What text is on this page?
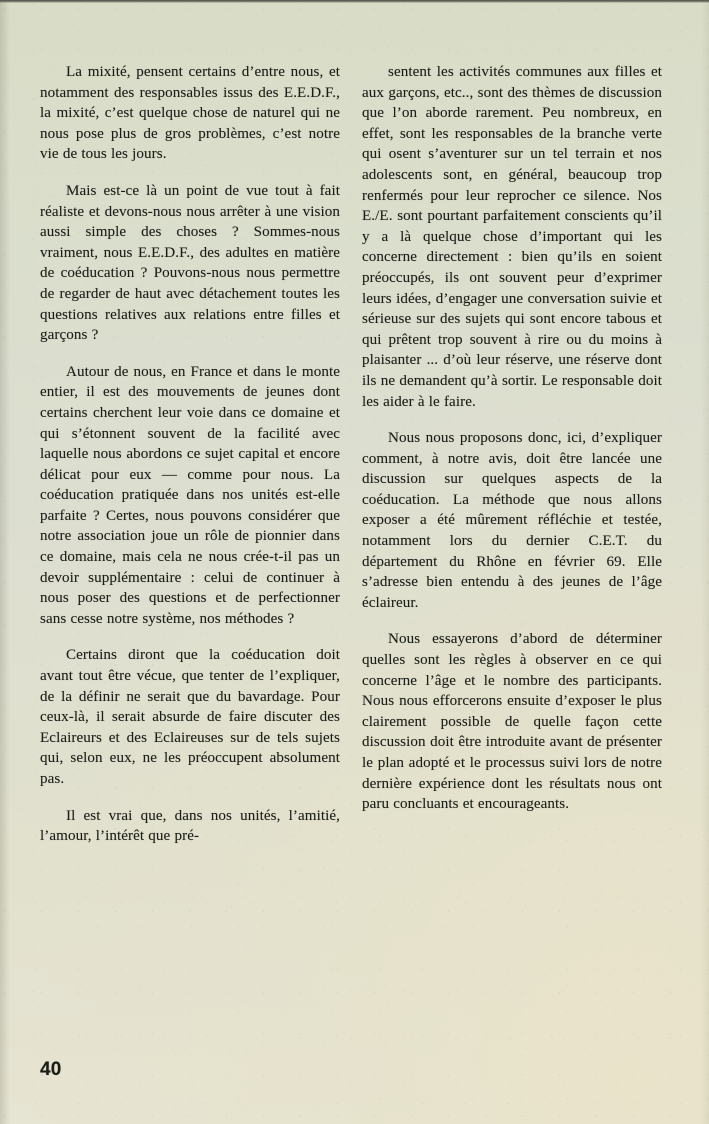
La mixité, pensent certains d’entre nous, et notamment des responsables issus des E.E.D.F., la mixité, c’est quelque chose de naturel qui ne nous pose plus de gros problèmes, c’est notre vie de tous les jours.

Mais est-ce là un point de vue tout à fait réaliste et devons-nous nous arrêter à une vision aussi simple des choses ? Sommes-nous vraiment, nous E.E.D.F., des adultes en matière de coéducation ? Pouvons-nous nous permettre de regarder de haut avec détachement toutes les questions relatives aux relations entre filles et garçons ?

Autour de nous, en France et dans le monte entier, il est des mouvements de jeunes dont certains cherchent leur voie dans ce domaine et qui s’étonnent souvent de la facilité avec laquelle nous abordons ce sujet capital et encore délicat pour eux — comme pour nous. La coéducation pratiquée dans nos unités est-elle parfaite ? Certes, nous pouvons considérer que notre association joue un rôle de pionnier dans ce domaine, mais cela ne nous crée-t-il pas un devoir supplémentaire : celui de continuer à nous poser des questions et de perfectionner sans cesse notre système, nos méthodes ?

Certains diront que la coéducation doit avant tout être vécue, que tenter de l’expliquer, de la définir ne serait que du bavardage. Pour ceux-là, il serait absurde de faire discuter des Eclaireurs et des Eclaireuses sur de tels sujets qui, selon eux, ne les préoccupent absolument pas.

Il est vrai que, dans nos unités, l’amitié, l’amour, l’intérêt que pré-

sentent les activités communes aux filles et aux garçons, etc.., sont des thèmes de discussion que l’on aborde rarement. Peu nombreux, en effet, sont les responsables de la branche verte qui osent s’aventurer sur un tel terrain et nos adolescents sont, en général, beaucoup trop renfermés pour leur reprocher ce silence. Nos E./E. sont pourtant parfaitement conscients qu’il y a là quelque chose d’important qui les concerne directement : bien qu’ils en soient préoccupés, ils ont souvent peur d’exprimer leurs idées, d’engager une conversation suivie et sérieuse sur des sujets qui sont encore tabous et qui prêtent trop souvent à rire ou du moins à plaisanter ... d’où leur réserve, une réserve dont ils ne demandent qu’à sortir. Le responsable doit les aider à le faire.

Nous nous proposons donc, ici, d’expliquer comment, à notre avis, doit être lancée une discussion sur quelques aspects de la coéducation. La méthode que nous allons exposer a été mûrement réfléchie et testée, notamment lors du dernier C.E.T. du département du Rhône en février 69. Elle s’adresse bien entendu à des jeunes de l’âge éclaireur.

Nous essayerons d’abord de déterminer quelles sont les règles à observer en ce qui concerne l’âge et le nombre des participants. Nous nous efforcerons ensuite d’exposer le plus clairement possible de quelle façon cette discussion doit être introduite avant de présenter le plan adopté et le processus suivi lors de notre dernière expérience dont les résultats nous ont paru concluants et encourageants.

40
